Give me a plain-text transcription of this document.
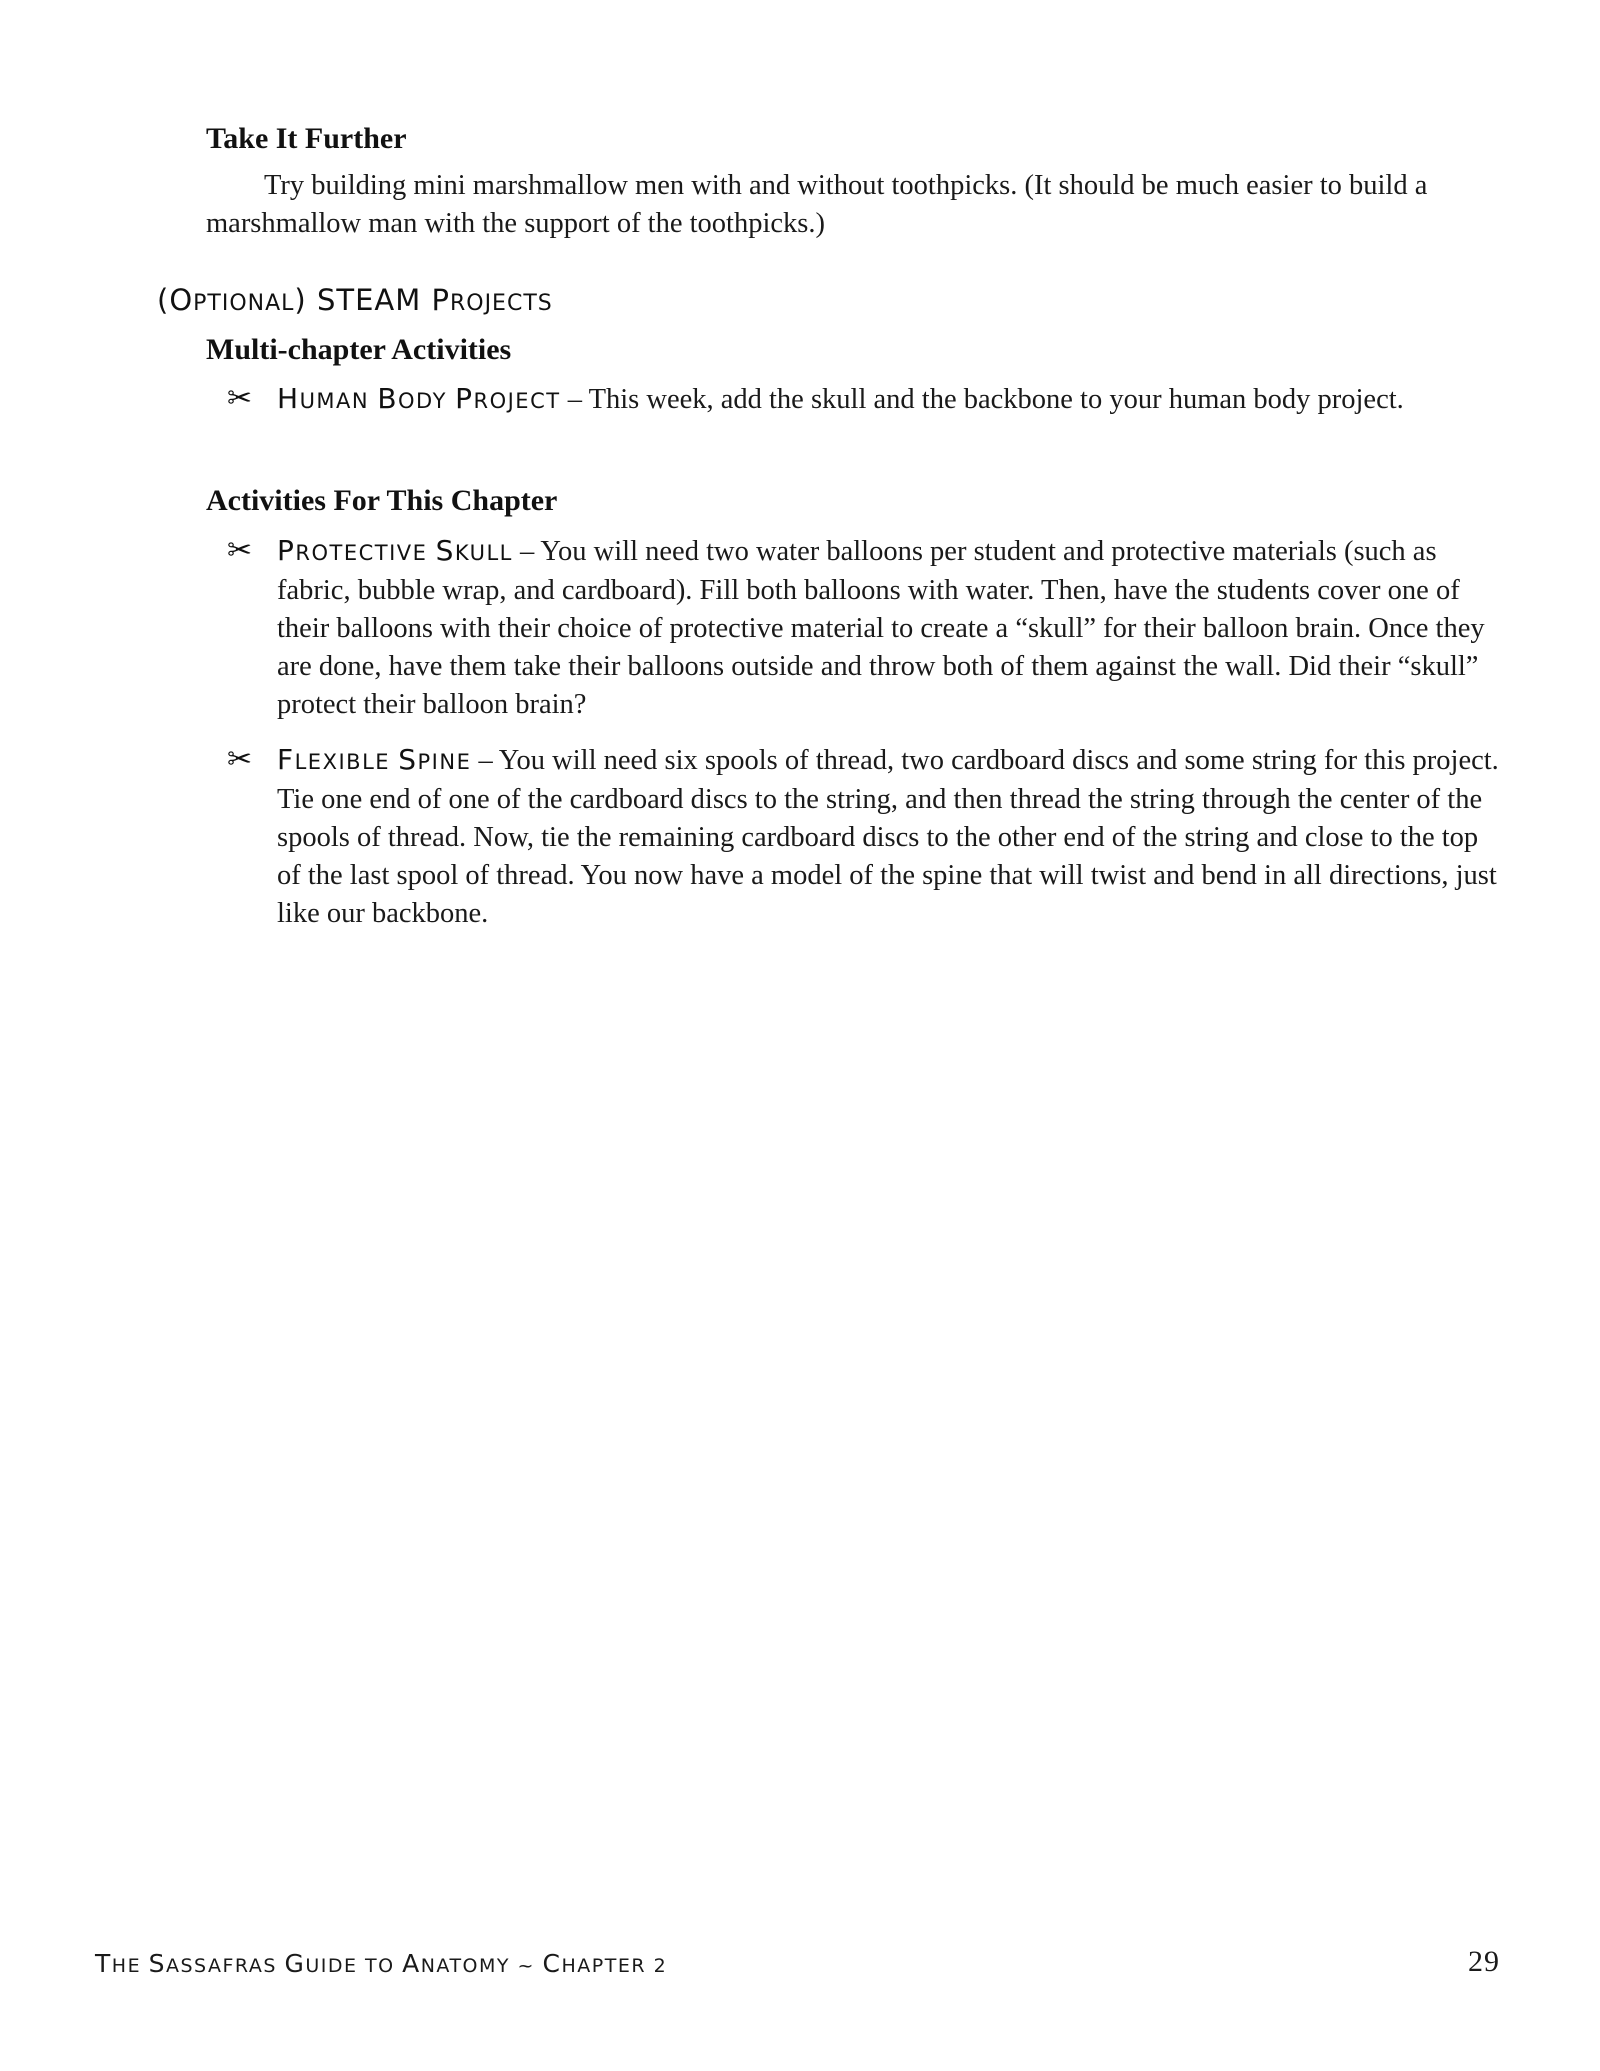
Take It Further
Try building mini marshmallow men with and without toothpicks. (It should be much easier to build a marshmallow man with the support of the toothpicks.)
(OPTIONAL) STEAM PROJECTS
Multi-chapter Activities
✂ HUMAN BODY PROJECT – This week, add the skull and the backbone to your human body project.
Activities For This Chapter
✂ PROTECTIVE SKULL – You will need two water balloons per student and protective materials (such as fabric, bubble wrap, and cardboard). Fill both balloons with water. Then, have the students cover one of their balloons with their choice of protective material to create a “skull” for their balloon brain. Once they are done, have them take their balloons outside and throw both of them against the wall. Did their “skull” protect their balloon brain?
✂ FLEXIBLE SPINE – You will need six spools of thread, two cardboard discs and some string for this project. Tie one end of one of the cardboard discs to the string, and then thread the string through the center of the spools of thread. Now, tie the remaining cardboard discs to the other end of the string and close to the top of the last spool of thread. You now have a model of the spine that will twist and bend in all directions, just like our backbone.
THE SASSAFRAS GUIDE TO ANATOMY ~ CHAPTER 2	29
